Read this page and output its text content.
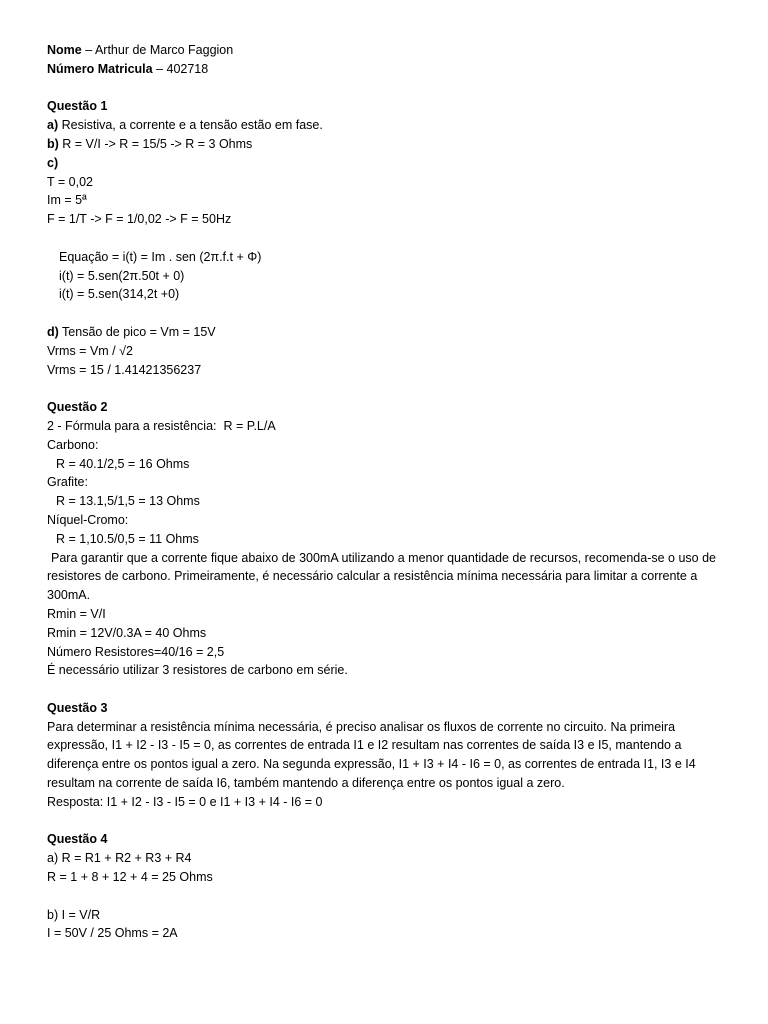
Nome – Arthur de Marco Faggion
Número Matricula – 402718
Questão 1
a) Resistiva, a corrente e a tensão estão em fase.
b) R = V/I -> R = 15/5 -> R = 3 Ohms
c)
T = 0,02
Im = 5ª
F = 1/T -> F = 1/0,02 -> F = 50Hz
Equação = i(t) = Im . sen (2π.f.t + Φ)
i(t) = 5.sen(2π.50t + 0)
i(t) = 5.sen(314,2t +0)
d) Tensão de pico = Vm = 15V
Vrms = Vm / √2
Vrms = 15 / 1.41421356237
Questão 2
2 - Fórmula para a resistência:  R = P.L/A
Carbono:
R = 40.1/2,5 = 16 Ohms
Grafite:
R = 13.1,5/1,5 = 13 Ohms
Níquel-Cromo:
R = 1,10.5/0,5 = 11 Ohms
Para garantir que a corrente fique abaixo de 300mA utilizando a menor quantidade de recursos, recomenda-se o uso de resistores de carbono. Primeiramente, é necessário calcular a resistência mínima necessária para limitar a corrente a 300mA.
Rmin = V/I
Rmin = 12V/0.3A = 40 Ohms
Número Resistores=40/16 = 2,5
É necessário utilizar 3 resistores de carbono em série.
Questão 3
Para determinar a resistência mínima necessária, é preciso analisar os fluxos de corrente no circuito. Na primeira expressão, I1 + I2 - I3 - I5 = 0, as correntes de entrada I1 e I2 resultam nas correntes de saída I3 e I5, mantendo a diferença entre os pontos igual a zero. Na segunda expressão, I1 + I3 + I4 - I6 = 0, as correntes de entrada I1, I3 e I4 resultam na corrente de saída I6, também mantendo a diferença entre os pontos igual a zero.
Resposta: I1 + I2 - I3 - I5 = 0 e I1 + I3 + I4 - I6 = 0
Questão 4
a) R = R1 + R2 + R3 + R4
R = 1 + 8 + 12 + 4 = 25 Ohms
b) I = V/R
I = 50V / 25 Ohms = 2A
